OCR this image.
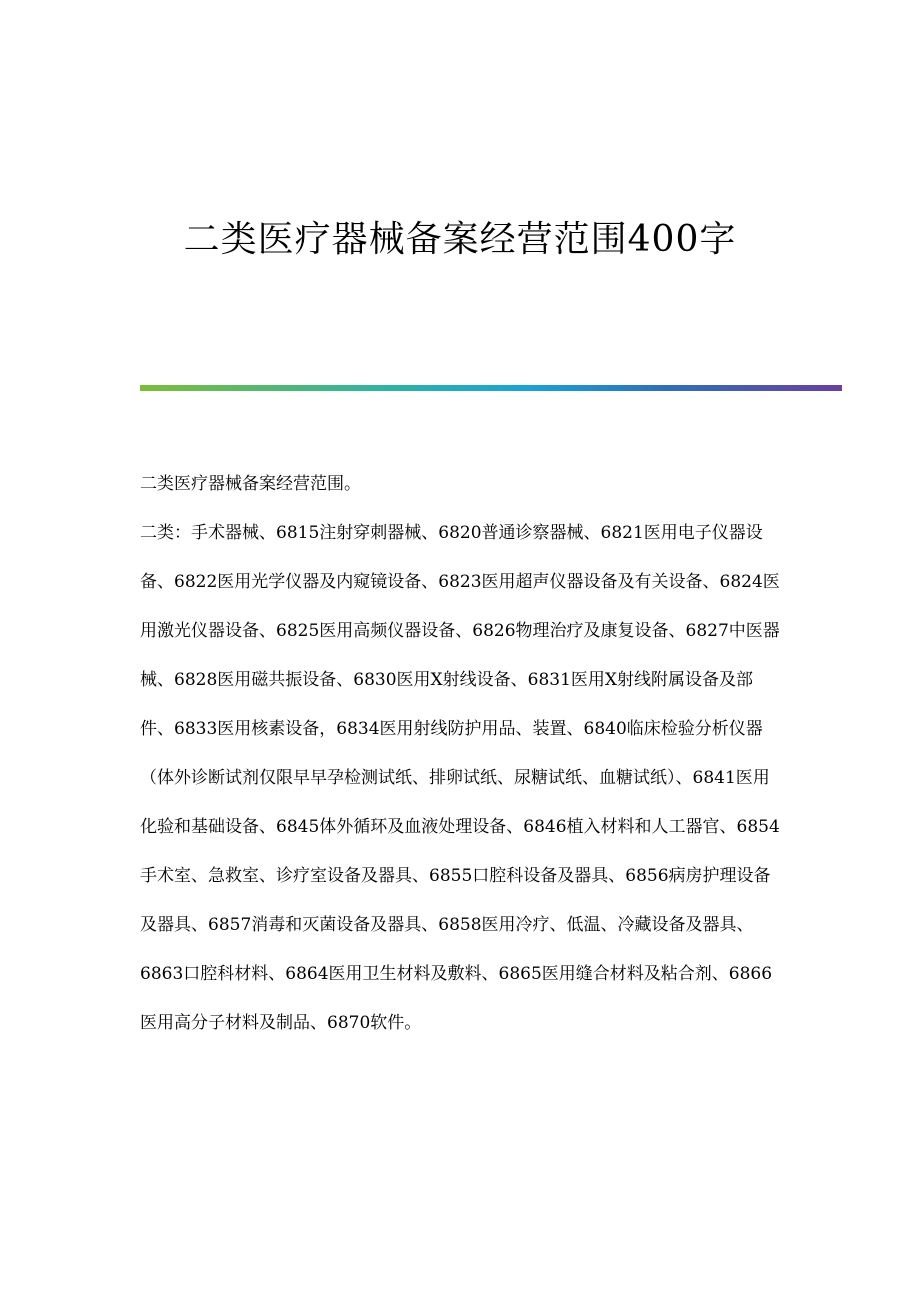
二类医疗器械备案经营范围400字

二类医疗器械备案经营范围。

二类：手术器械、6815注射穿刺器械、6820普通诊察器械、6821医用电子仪器设备、6822医用光学仪器及内窥镜设备、6823医用超声仪器设备及有关设备、6824医用激光仪器设备、6825医用高频仪器设备、6826物理治疗及康复设备、6827中医器械、6828医用磁共振设备、6830医用X射线设备、6831医用X射线附属设备及部件、6833医用核素设备，6834医用射线防护用品、装置、6840临床检验分析仪器（体外诊断试剂仅限早早孕检测试纸、排卵试纸、尿糖试纸、血糖试纸）、6841医用化验和基础设备、6845体外循环及血液处理设备、6846植入材料和人工器官、6854手术室、急救室、诊疗室设备及器具、6855口腔科设备及器具、6856病房护理设备及器具、6857消毒和灭菌设备及器具、6858医用冷疗、低温、冷藏设备及器具、6863口腔科材料、6864医用卫生材料及敷料、6865医用缝合材料及粘合剂、6866医用高分子材料及制品、6870软件。
